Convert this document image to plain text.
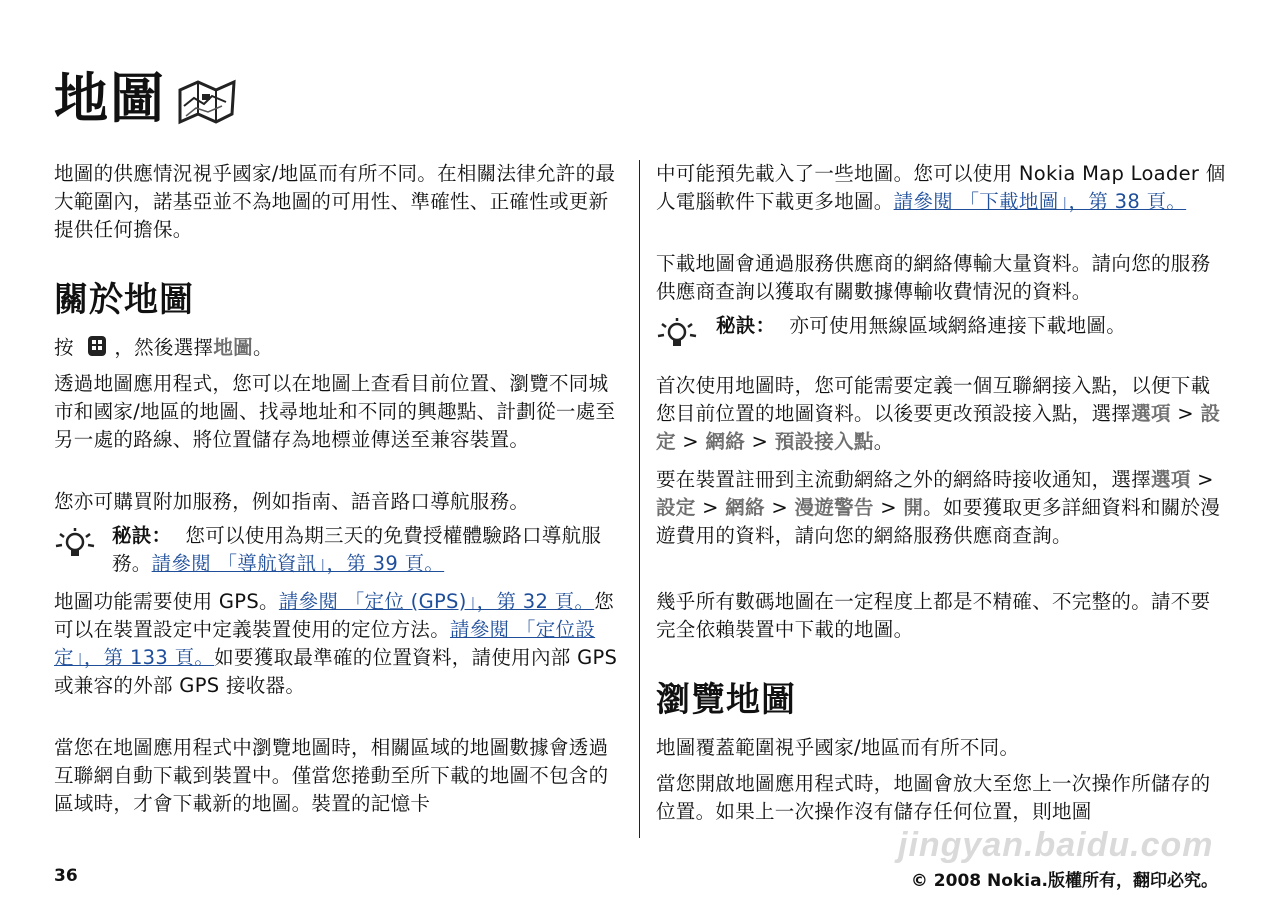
地圖

地圖的供應情況視乎國家/地區而有所不同。在相關法律允許的最大範圍內，諾基亞並不為地圖的可用性、準確性、正確性或更新提供任何擔保。

關於地圖

按 ，然後選擇地圖。

透過地圖應用程式，您可以在地圖上查看目前位置、瀏覽不同城市和國家/地區的地圖、找尋地址和不同的興趣點、計劃從一處至另一處的路線、將位置儲存為地標並傳送至兼容裝置。

您亦可購買附加服務，例如指南、語音路口導航服務。

秘訣： 您可以使用為期三天的免費授權體驗路口導航服務。請參閱 「導航資訊」，第 39 頁。

地圖功能需要使用 GPS。請參閱 「定位 (GPS)」，第 32 頁。您可以在裝置設定中定義裝置使用的定位方法。請參閱 「定位設定」，第 133 頁。如要獲取最準確的位置資料，請使用內部 GPS 或兼容的外部 GPS 接收器。

當您在地圖應用程式中瀏覽地圖時，相關區域的地圖數據會透過互聯網自動下載到裝置中。僅當您捲動至所下載的地圖不包含的區域時，才會下載新的地圖。裝置的記憶卡

中可能預先載入了一些地圖。您可以使用 Nokia Map Loader 個人電腦軟件下載更多地圖。請參閱 「下載地圖」，第 38 頁。

下載地圖會通過服務供應商的網絡傳輸大量資料。請向您的服務供應商查詢以獲取有關數據傳輸收費情況的資料。

秘訣： 亦可使用無線區域網絡連接下載地圖。

首次使用地圖時，您可能需要定義一個互聯網接入點，以便下載您目前位置的地圖資料。以後要更改預設接入點，選擇選項 > 設定 > 網絡 > 預設接入點。

要在裝置註冊到主流動網絡之外的網絡時接收通知，選擇選項 > 設定 > 網絡 > 漫遊警告 > 開。如要獲取更多詳細資料和關於漫遊費用的資料，請向您的網絡服務供應商查詢。

幾乎所有數碼地圖在一定程度上都是不精確、不完整的。請不要完全依賴裝置中下載的地圖。

瀏覽地圖

地圖覆蓋範圍視乎國家/地區而有所不同。

當您開啟地圖應用程式時，地圖會放大至您上一次操作所儲存的位置。如果上一次操作沒有儲存任何位置，則地圖

jingyan.baidu.com
36	© 2008 Nokia.版權所有，翻印必究。
